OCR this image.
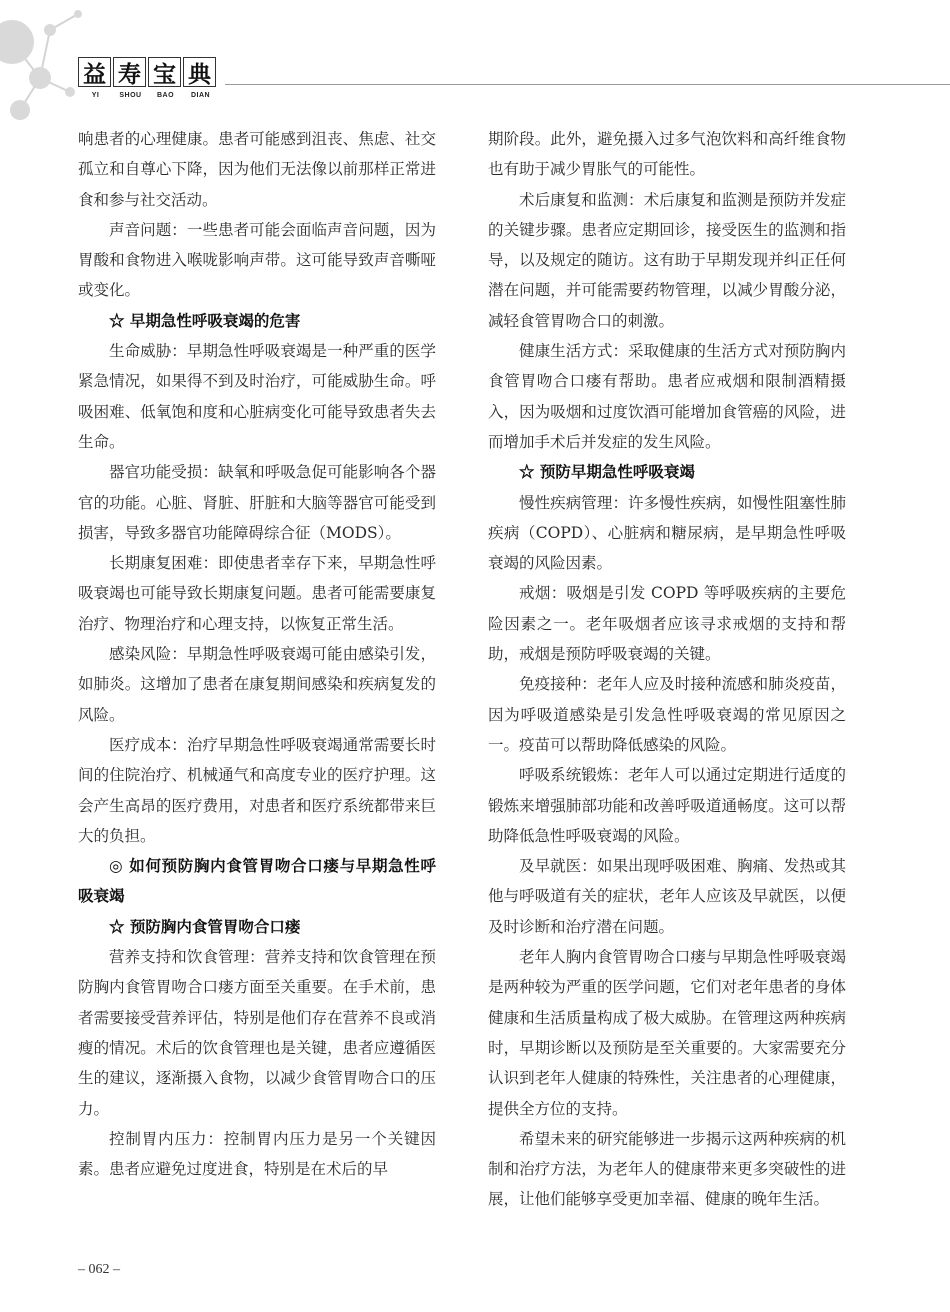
益 寿 宝 典
YI	SHOU	BAO	DIAN

响患者的心理健康。患者可能感到沮丧、焦虑、社交孤立和自尊心下降，因为他们无法像以前那样正常进食和参与社交活动。

声音问题：一些患者可能会面临声音问题，因为胃酸和食物进入喉咙影响声带。这可能导致声音嘶哑或变化。

☆ 早期急性呼吸衰竭的危害

生命威胁：早期急性呼吸衰竭是一种严重的医学紧急情况，如果得不到及时治疗，可能威胁生命。呼吸困难、低氧饱和度和心脏病变化可能导致患者失去生命。

器官功能受损：缺氧和呼吸急促可能影响各个器官的功能。心脏、肾脏、肝脏和大脑等器官可能受到损害，导致多器官功能障碍综合征（MODS）。

长期康复困难：即使患者幸存下来，早期急性呼吸衰竭也可能导致长期康复问题。患者可能需要康复治疗、物理治疗和心理支持，以恢复正常生活。

感染风险：早期急性呼吸衰竭可能由感染引发，如肺炎。这增加了患者在康复期间感染和疾病复发的风险。

医疗成本：治疗早期急性呼吸衰竭通常需要长时间的住院治疗、机械通气和高度专业的医疗护理。这会产生高昂的医疗费用，对患者和医疗系统都带来巨大的负担。

◎ 如何预防胸内食管胃吻合口瘘与早期急性呼吸衰竭
☆ 预防胸内食管胃吻合口瘘

营养支持和饮食管理：营养支持和饮食管理在预防胸内食管胃吻合口瘘方面至关重要。在手术前，患者需要接受营养评估，特别是他们存在营养不良或消瘦的情况。术后的饮食管理也是关键，患者应遵循医生的建议，逐渐摄入食物，以减少食管胃吻合口的压力。

控制胃内压力：控制胃内压力是另一个关键因素。患者应避免过度进食，特别是在术后的早

期阶段。此外，避免摄入过多气泡饮料和高纤维食物也有助于减少胃胀气的可能性。

术后康复和监测：术后康复和监测是预防并发症的关键步骤。患者应定期回诊，接受医生的监测和指导，以及规定的随访。这有助于早期发现并纠正任何潜在问题，并可能需要药物管理，以减少胃酸分泌，减轻食管胃吻合口的刺激。

健康生活方式：采取健康的生活方式对预防胸内食管胃吻合口瘘有帮助。患者应戒烟和限制酒精摄入，因为吸烟和过度饮酒可能增加食管癌的风险，进而增加手术后并发症的发生风险。

☆ 预防早期急性呼吸衰竭

慢性疾病管理：许多慢性疾病，如慢性阻塞性肺疾病（COPD）、心脏病和糖尿病，是早期急性呼吸衰竭的风险因素。

戒烟：吸烟是引发 COPD 等呼吸疾病的主要危险因素之一。老年吸烟者应该寻求戒烟的支持和帮助，戒烟是预防呼吸衰竭的关键。

免疫接种：老年人应及时接种流感和肺炎疫苗，因为呼吸道感染是引发急性呼吸衰竭的常见原因之一。疫苗可以帮助降低感染的风险。

呼吸系统锻炼：老年人可以通过定期进行适度的锻炼来增强肺部功能和改善呼吸道通畅度。这可以帮助降低急性呼吸衰竭的风险。

及早就医：如果出现呼吸困难、胸痛、发热或其他与呼吸道有关的症状，老年人应该及早就医，以便及时诊断和治疗潜在问题。

老年人胸内食管胃吻合口瘘与早期急性呼吸衰竭是两种较为严重的医学问题，它们对老年患者的身体健康和生活质量构成了极大威胁。在管理这两种疾病时，早期诊断以及预防是至关重要的。大家需要充分认识到老年人健康的特殊性，关注患者的心理健康，提供全方位的支持。

希望未来的研究能够进一步揭示这两种疾病的机制和治疗方法，为老年人的健康带来更多突破性的进展，让他们能够享受更加幸福、健康的晚年生活。

– 062 –
